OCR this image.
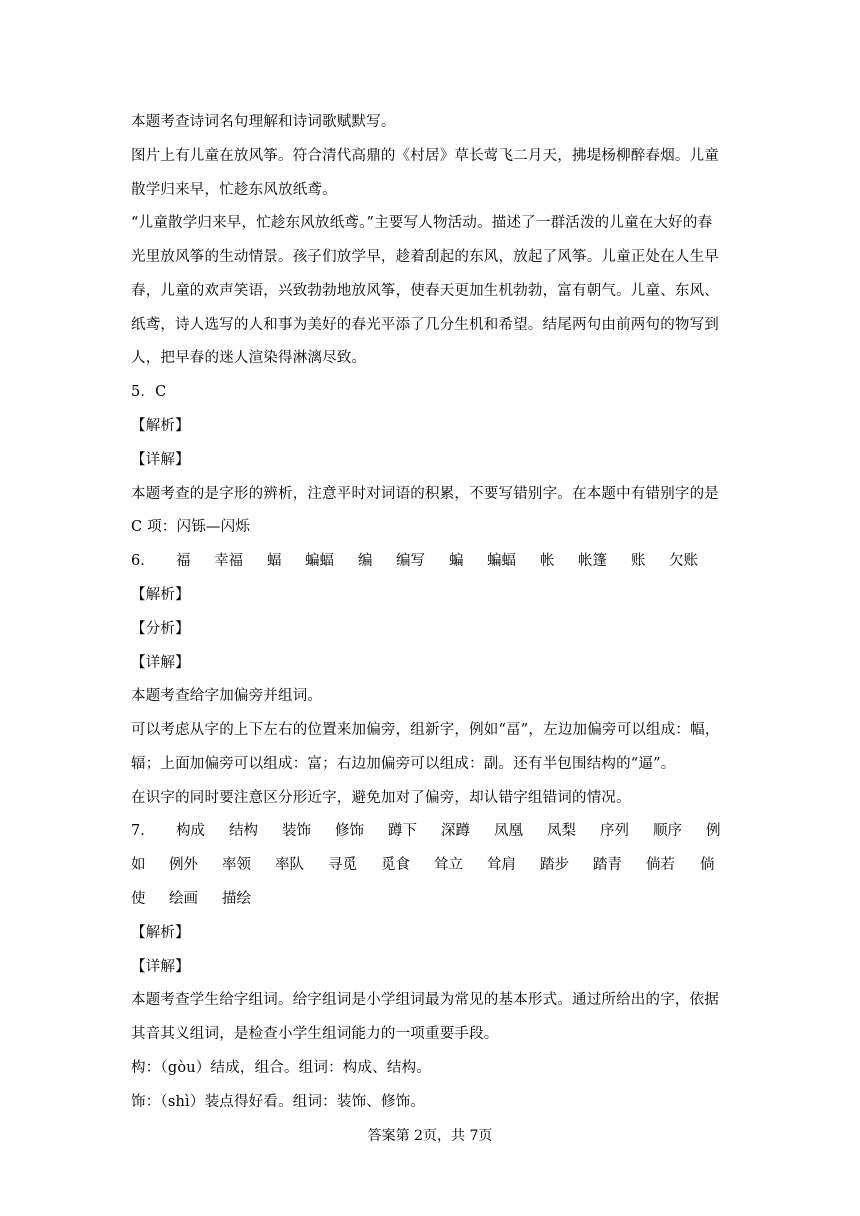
本题考查诗词名句理解和诗词歌赋默写。
图片上有儿童在放风筝。符合清代高鼎的《村居》草长莺飞二月天，拂堤杨柳醉春烟。儿童
散学归来早，忙趁东风放纸鸢。
“儿童散学归来早，忙趁东风放纸鸢。”主要写人物活动。描述了一群活泼的儿童在大好的春
光里放风筝的生动情景。孩子们放学早，趁着刮起的东风，放起了风筝。儿童正处在人生早
春，儿童的欢声笑语，兴致勃勃地放风筝，使春天更加生机勃勃，富有朝气。儿童、东风、
纸鸢，诗人选写的人和事为美好的春光平添了几分生机和希望。结尾两句由前两句的物写到
人，把早春的迷人渲染得淋漓尽致。
5．C
【解析】
【详解】
本题考查的是字形的辨析，注意平时对词语的积累，不要写错别字。在本题中有错别字的是
C 项：闪铄—闪烁
6． 福 幸福 蝠 蝙蝠 编 编写 蝙 蝙蝠 帐 帐篷 账 欠账
【解析】
【分析】
【详解】
本题考查给字加偏旁并组词。
可以考虑从字的上下左右的位置来加偏旁，组新字，例如“畐”，左边加偏旁可以组成：幅，
辐；上面加偏旁可以组成：富；右边加偏旁可以组成：副。还有半包围结构的“逼”。
在识字的同时要注意区分形近字，避免加对了偏旁，却认错字组错词的情况。
7． 构成 结构 装饰 修饰 蹲下 深蹲 凤凰 凤梨 序列 顺序 例
如 例外 率领 率队 寻觅 觅食 耸立 耸肩 踏步 踏青 倘若 倘
使 绘画 描绘
【解析】
【详解】
本题考查学生给字组词。给字组词是小学组词最为常见的基本形式。通过所给出的字，依据
其音其义组词，是检查小学生组词能力的一项重要手段。
构：（gòu）结成，组合。组词：构成、结构。
饰：（shì）装点得好看。组词：装饰、修饰。
答案第 2页，共 7页
